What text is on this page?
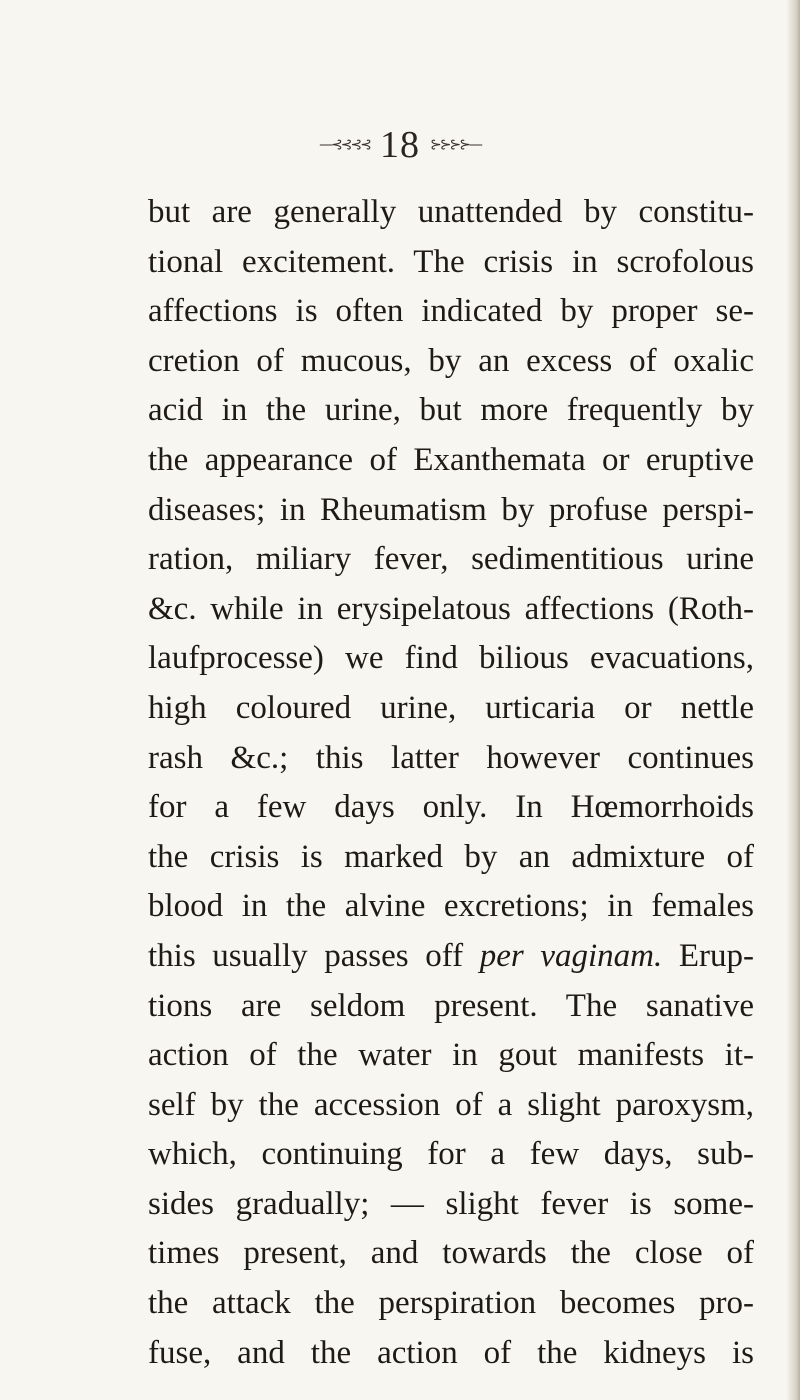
—⊰⊰⊰⊰ 18 ⊱⊱⊱⊱—
but are generally unattended by constitu-
tional excitement. The crisis in scrofolous
affections is often indicated by proper se-
cretion of mucous, by an excess of oxalic
acid in the urine, but more frequently by
the appearance of Exanthemata or eruptive
diseases; in Rheumatism by profuse perspi-
ration, miliary fever, sedimentitious urine
&c. while in erysipelatous affections (Roth-
laufprocesse) we find bilious evacuations,
high coloured urine, urticaria or nettle
rash &c.; this latter however continues
for a few days only. In Hœmorrhoids
the crisis is marked by an admixture of
blood in the alvine excretions; in females
this usually passes off per vaginam. Erup-
tions are seldom present. The sanative
action of the water in gout manifests it-
self by the accession of a slight paroxysm,
which, continuing for a few days, sub-
sides gradually; — slight fever is some-
times present, and towards the close of
the attack the perspiration becomes pro-
fuse, and the action of the kidneys is
